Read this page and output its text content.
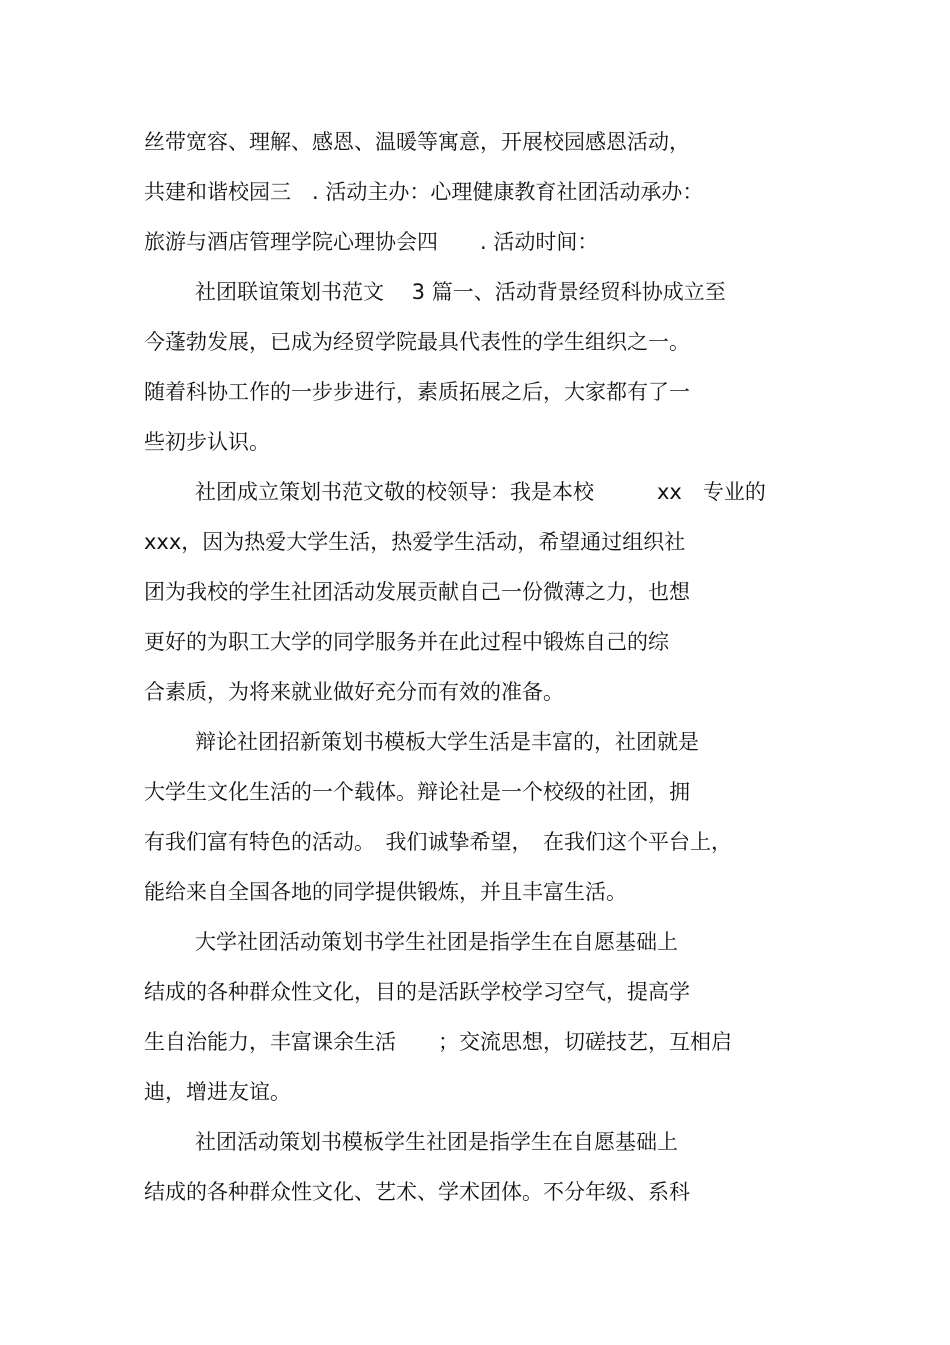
丝带宽容、理解、感恩、温暖等寓意，开展校园感恩活动，
共建和谐校园三　. 活动主办：心理健康教育社团活动承办：
旅游与酒店管理学院心理协会四　　. 活动时间：
社团联谊策划书范文　 3 篇一、活动背景经贸科协成立至
今蓬勃发展，已成为经贸学院最具代表性的学生组织之一。
随着科协工作的一步步进行，素质拓展之后，大家都有了一
些初步认识。
社团成立策划书范文敬的校领导：我是本校　　　xx　专业的
xxx，因为热爱大学生活，热爱学生活动，希望通过组织社
团为我校的学生社团活动发展贡献自己一份微薄之力，也想
更好的为职工大学的同学服务并在此过程中锻炼自己的综
合素质，为将来就业做好充分而有效的准备。
辩论社团招新策划书模板大学生活是丰富的，社团就是
大学生文化生活的一个载体。辩论社是一个校级的社团，拥
有我们富有特色的活动。　我们诚挚希望，　在我们这个平台上，
能给来自全国各地的同学提供锻炼，并且丰富生活。
大学社团活动策划书学生社团是指学生在自愿基础上
结成的各种群众性文化，目的是活跃学校学习空气，提高学
生自治能力，丰富课余生活　　；交流思想，切磋技艺，互相启
迪，增进友谊。
社团活动策划书模板学生社团是指学生在自愿基础上
结成的各种群众性文化、艺术、学术团体。不分年级、系科
